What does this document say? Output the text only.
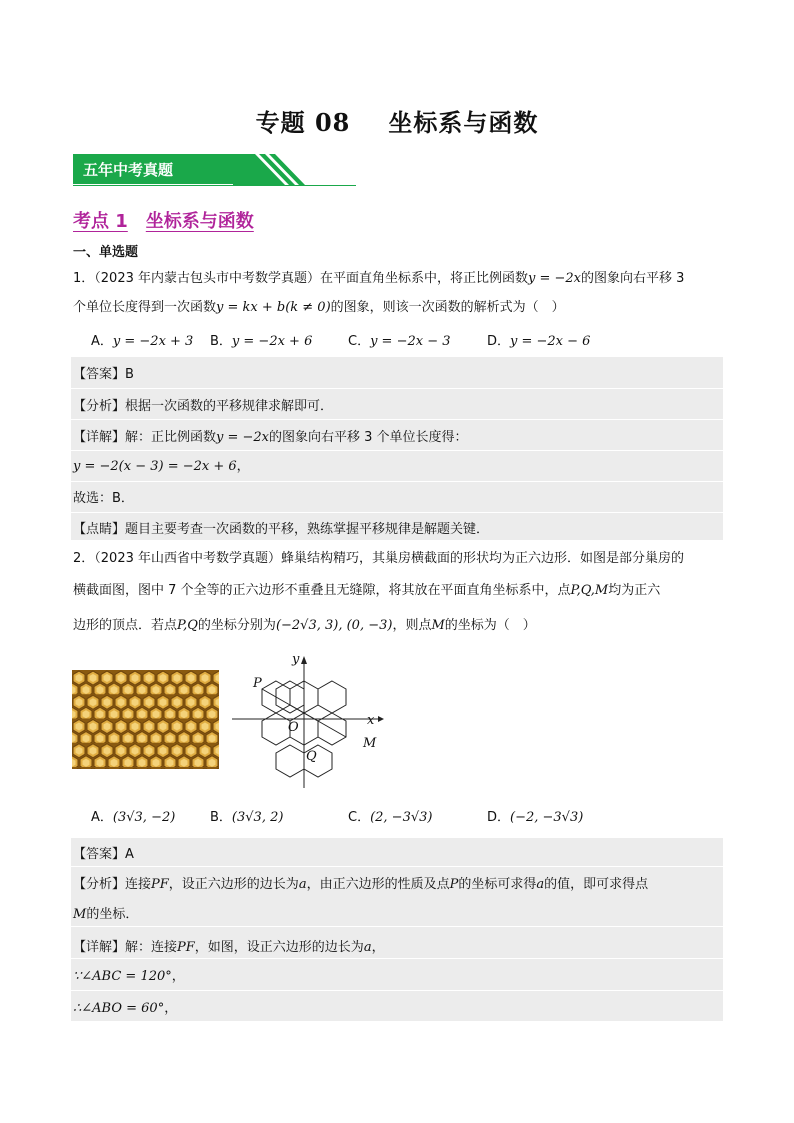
专题 08 坐标系与函数
五年中考真题
考点 1 坐标系与函数
一、单选题
1．（2023 年内蒙古包头市中考数学真题）在平面直角坐标系中，将正比例函数y = −2x的图象向右平移 3
个单位长度得到一次函数y = kx + b(k ≠ 0)的图象，则该一次函数的解析式为（　）
A．y = −2x + 3 B．y = −2x + 6	C．y = −2x − 3	D．y = −2x − 6
【答案】B
【分析】根据一次函数的平移规律求解即可．
【详解】解：正比例函数y = −2x的图象向右平移 3 个单位长度得：
y = −2(x − 3) = −2x + 6，
故选：B．
【点睛】题目主要考查一次函数的平移，熟练掌握平移规律是解题关键．
2．（2023 年山西省中考数学真题）蜂巢结构精巧，其巢房横截面的形状均为正六边形．如图是部分巢房的
横截面图，图中 7 个全等的正六边形不重叠且无缝隙，将其放在平面直角坐标系中，点P,Q,M均为正六
边形的顶点．若点P,Q的坐标分别为(−2√3, 3), (0, −3)，则点M的坐标为（　）
y
x
P
O
Q
M
A．(3√3, −2)	B．(3√3, 2)	C．(2, −3√3)	D．(−2, −3√3)
【答案】A
【分析】连接PF，设正六边形的边长为a，由正六边形的性质及点P的坐标可求得a的值，即可求得点
M的坐标．
【详解】解：连接PF，如图，设正六边形的边长为a，
∵∠ABC = 120°，
∴∠ABO = 60°，
